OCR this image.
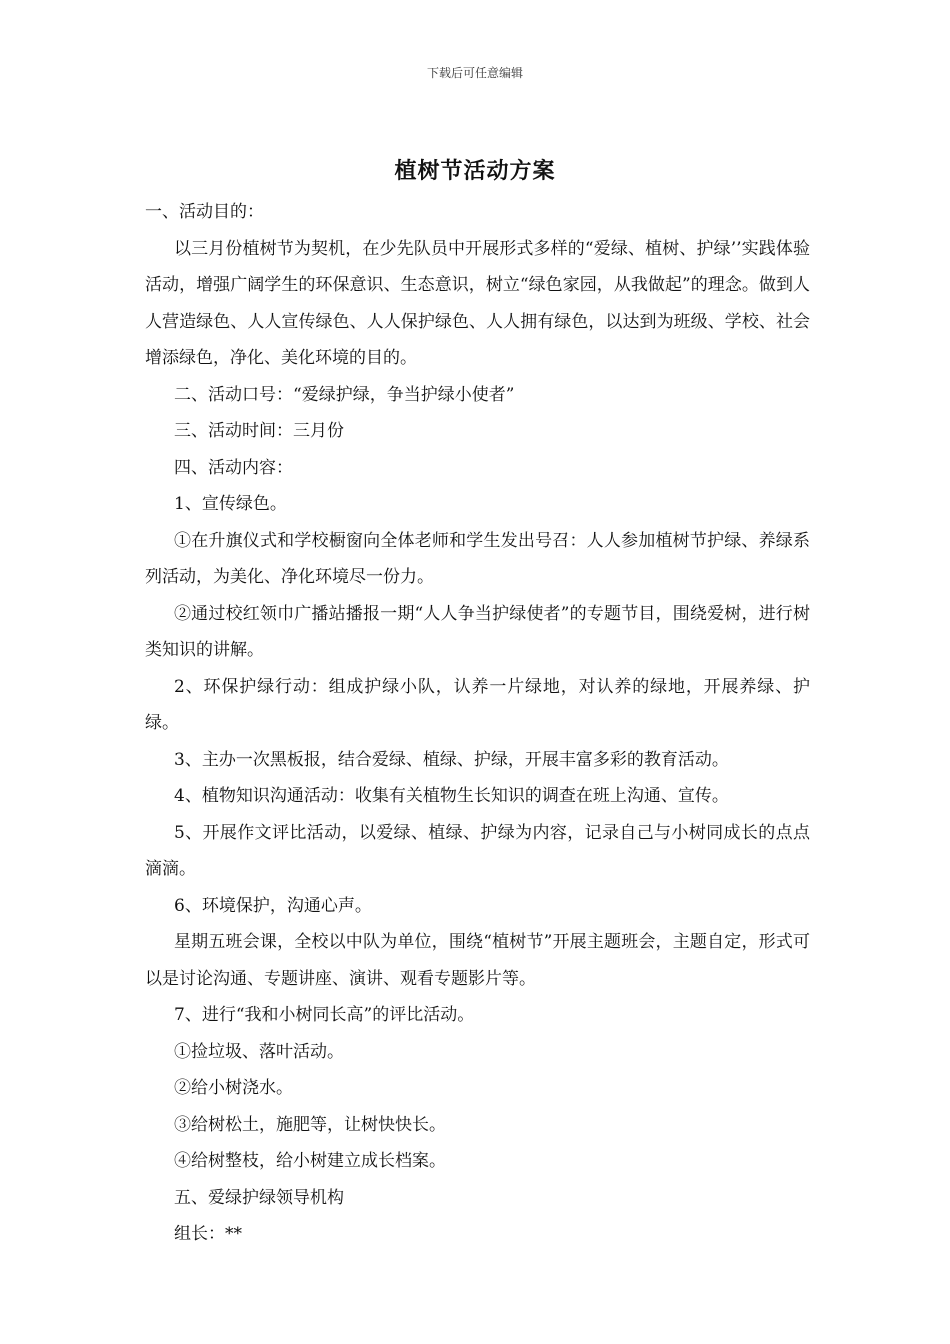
下载后可任意编辑
植树节活动方案

一、活动目的：

以三月份植树节为契机，在少先队员中开展形式多样的“爱绿、植树、护绿’’实践体验活动，增强广阔学生的环保意识、生态意识，树立“绿色家园，从我做起”的理念。做到人人营造绿色、人人宣传绿色、人人保护绿色、人人拥有绿色，以达到为班级、学校、社会增添绿色，净化、美化环境的目的。

二、活动口号：“爱绿护绿，争当护绿小使者”

三、活动时间：三月份

四、活动内容：

1、宣传绿色。

①在升旗仪式和学校橱窗向全体老师和学生发出号召：人人参加植树节护绿、养绿系列活动，为美化、净化环境尽一份力。

②通过校红领巾广播站播报一期“人人争当护绿使者”的专题节目，围绕爱树，进行树类知识的讲解。

2、环保护绿行动：组成护绿小队，认养一片绿地，对认养的绿地，开展养绿、护绿。

3、主办一次黑板报，结合爱绿、植绿、护绿，开展丰富多彩的教育活动。

4、植物知识沟通活动：收集有关植物生长知识的调查在班上沟通、宣传。

5、开展作文评比活动，以爱绿、植绿、护绿为内容，记录自己与小树同成长的点点滴滴。

6、环境保护，沟通心声。

星期五班会课，全校以中队为单位，围绕“植树节”开展主题班会，主题自定，形式可以是讨论沟通、专题讲座、演讲、观看专题影片等。

7、进行“我和小树同长高”的评比活动。

①捡垃圾、落叶活动。

②给小树浇水。

③给树松土，施肥等，让树快快长。

④给树整枝，给小树建立成长档案。

五、爱绿护绿领导机构

组长：**
